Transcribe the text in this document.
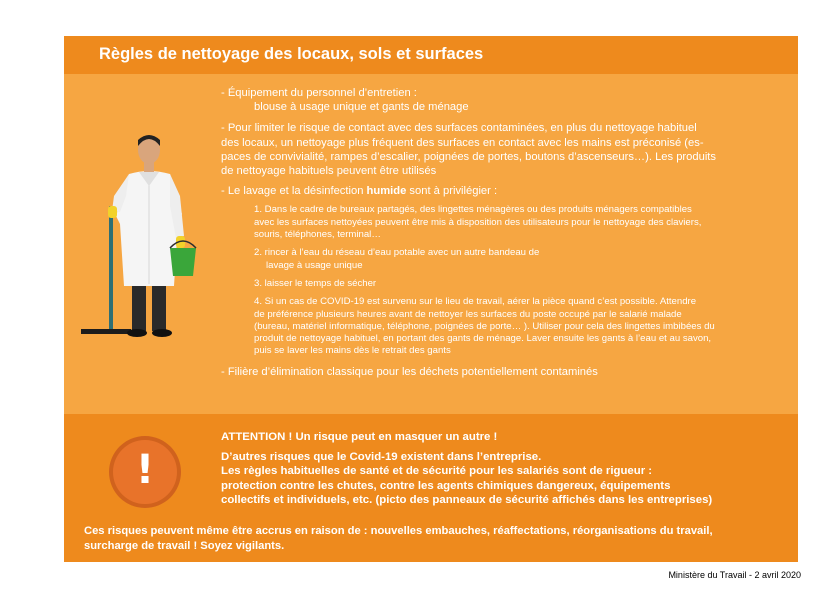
Règles de nettoyage des locaux, sols et surfaces
!
- Équipement du personnel d’entretien :
blouse à usage unique et gants de ménage
- Pour limiter le risque de contact avec des surfaces contaminées, en plus du nettoyage habituel
des locaux, un nettoyage plus fréquent des surfaces en contact avec les mains est préconisé (es-
paces de convivialité, rampes d’escalier, poignées de portes, boutons d’ascenseurs…). Les produits
de nettoyage habituels peuvent être utilisés
- Le lavage et la désinfection humide sont à privilégier :
1. Dans le cadre de bureaux partagés, des lingettes ménagères ou des produits ménagers compatibles
avec les surfaces nettoyées peuvent être mis à disposition des utilisateurs pour le nettoyage des claviers,
souris, téléphones, terminal…
2. rincer à l’eau du réseau d’eau potable avec un autre bandeau de
lavage à usage unique
3. laisser le temps de sécher
4. Si un cas de COVID-19 est survenu sur le lieu de travail, aérer la pièce quand c’est possible. Attendre
de préférence plusieurs heures avant de nettoyer les surfaces du poste occupé par le salarié malade
(bureau, matériel informatique, téléphone, poignées de porte… ). Utiliser pour cela des lingettes imbibées du
produit de nettoyage habituel, en portant des gants de ménage. Laver ensuite les gants à l’eau et au savon,
puis se laver les mains dès le retrait des gants
- Filière d’élimination classique pour les déchets potentiellement contaminés
ATTENTION ! Un risque peut en masquer un autre !
D’autres risques que le Covid-19 existent dans l’entreprise.
Les règles habituelles de santé et de sécurité pour les salariés sont de rigueur :
protection contre les chutes, contre les agents chimiques dangereux, équipements
collectifs et individuels, etc. (picto des panneaux de sécurité affichés dans les entreprises)
Ces risques peuvent même être accrus en raison de : nouvelles embauches, réaffectations, réorganisations du travail,
surcharge de travail ! Soyez vigilants.
Ministère du Travail - 2 avril 2020
